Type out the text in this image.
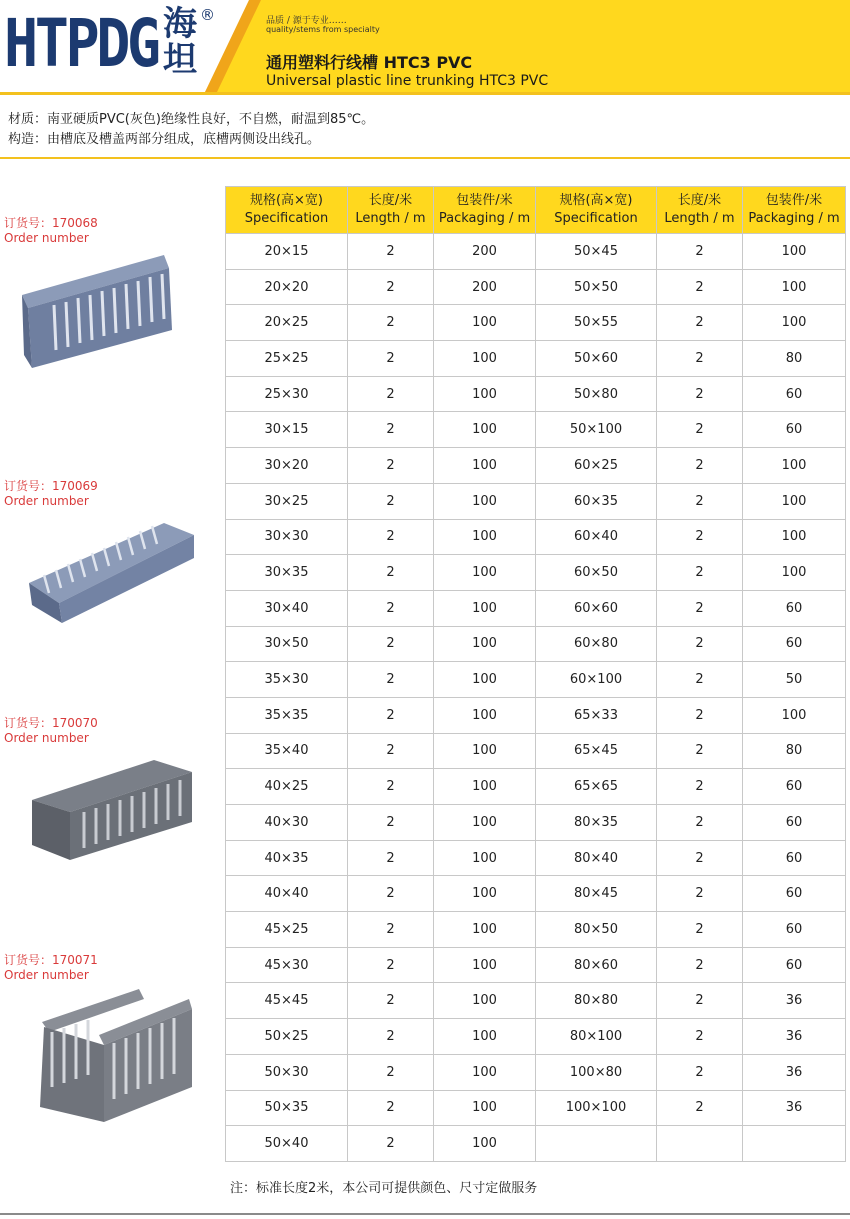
HTPDG 海坦
®	品质 / 源于专业……
quality/stems from specialty
通用塑料行线槽 HTC3 PVC
Universal plastic line trunking HTC3 PVC
材质：南亚硬质PVC(灰色)绝缘性良好，不自燃，耐温到85℃。
构造：由槽底及槽盖两部分组成，底槽两侧设出线孔。
订货号：170068
Order number
订货号：170069
Order number
订货号：170070
Order number
订货号：170071
Order number
规格(高×宽)
Specification	长度/米
Length / m	包装件/米
Packaging / m	规格(高×宽)
Specification	长度/米
Length / m	包装件/米
Packaging / m

20×15	2	200	50×45	2	100
20×20	2	200	50×50	2	100
20×25	2	100	50×55	2	100
25×25	2	100	50×60	2	80
25×30	2	100	50×80	2	60
30×15	2	100	50×100	2	60
30×20	2	100	60×25	2	100
30×25	2	100	60×35	2	100
30×30	2	100	60×40	2	100
30×35	2	100	60×50	2	100
30×40	2	100	60×60	2	60
30×50	2	100	60×80	2	60
35×30	2	100	60×100	2	50
35×35	2	100	65×33	2	100
35×40	2	100	65×45	2	80
40×25	2	100	65×65	2	60
40×30	2	100	80×35	2	60
40×35	2	100	80×40	2	60
40×40	2	100	80×45	2	60
45×25	2	100	80×50	2	60
45×30	2	100	80×60	2	60
45×45	2	100	80×80	2	36
50×25	2	100	80×100	2	36
50×30	2	100	100×80	2	36
50×35	2	100	100×100	2	36
50×40	2	100			
注：标准长度2米，本公司可提供颜色、尺寸定做服务
